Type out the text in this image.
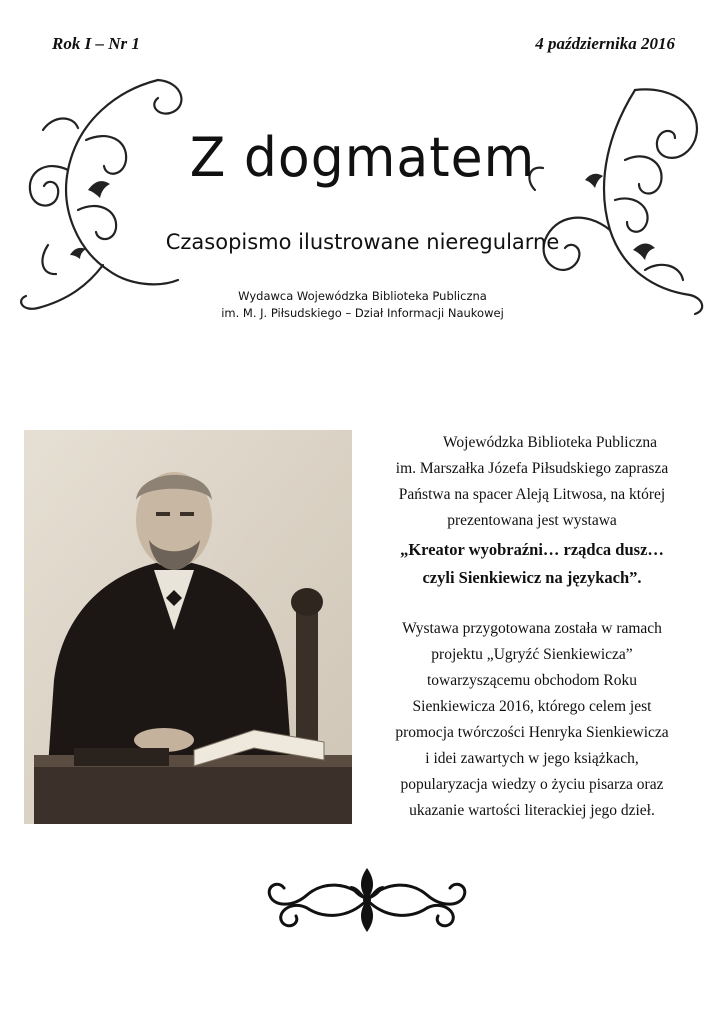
Rok I – Nr 1	4 października 2016
Z dogmatem
Czasopismo ilustrowane nieregularne
Wydawca Wojewódzka Biblioteka Publiczna
im. M. J. Piłsudskiego – Dział Informacji Naukowej

Wojewódzka Biblioteka Publiczna
im. Marszałka Józefa Piłsudskiego zaprasza
Państwa na spacer Aleją Litwosa, na której
prezentowana jest wystawa

„Kreator wyobraźni… rządca dusz…
czyli Sienkiewicz na językach”.

Wystawa przygotowana została w ramach
projektu „Ugryźć Sienkiewicza”
towarzyszącemu obchodom Roku
Sienkiewicza 2016, którego celem jest
promocja twórczości Henryka Sienkiewicza
i idei zawartych w jego książkach,
popularyzacja wiedzy o życiu pisarza oraz
ukazanie wartości literackiej jego dzieł.
